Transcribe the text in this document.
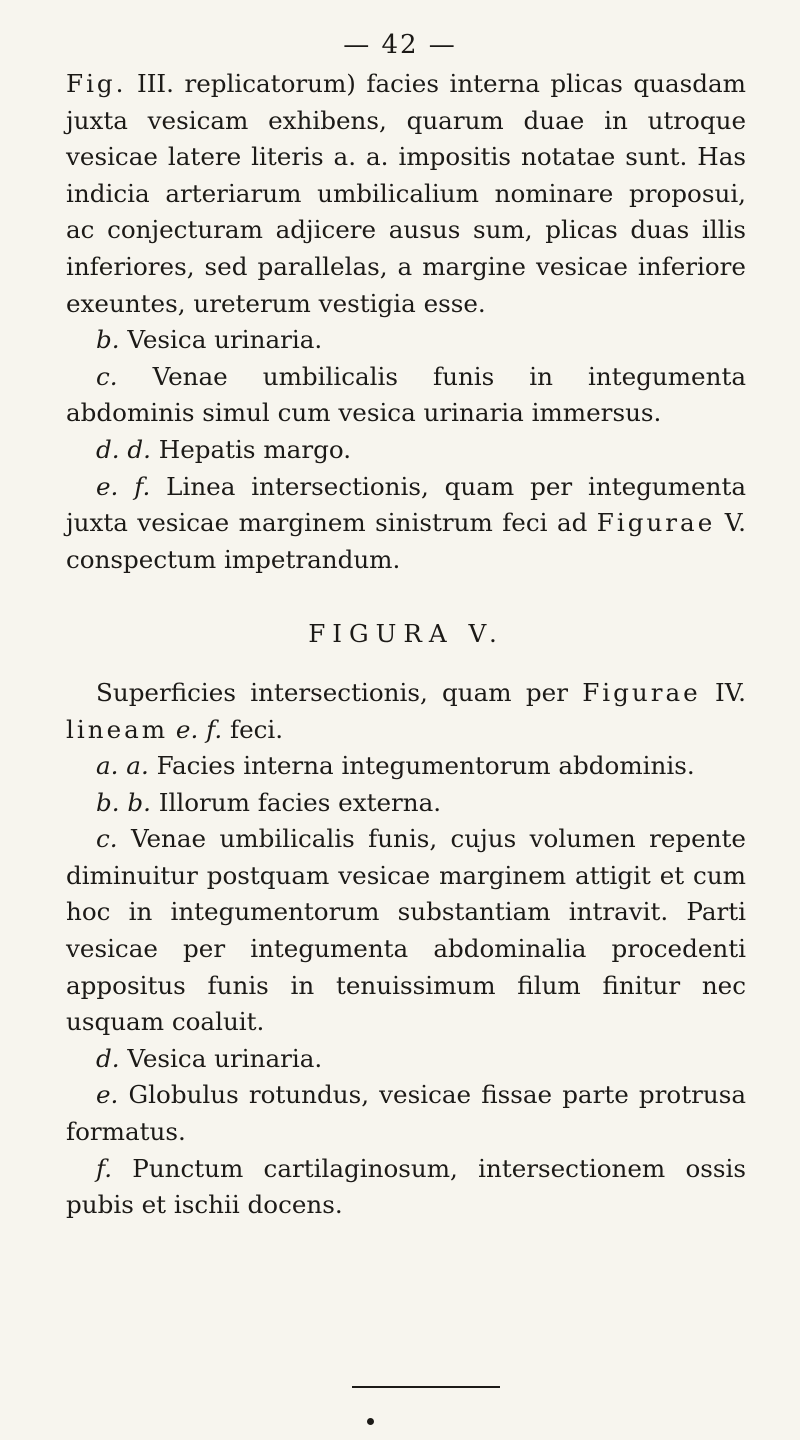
— 42 —

Fig. III. replicatorum) facies interna plicas quasdam juxta vesicam exhibens, quarum duae in utroque vesicae latere literis a. a. impositis notatae sunt. Has indicia arteriarum umbilicalium nominare proposui, ac conjecturam adjicere ausus sum, plicas duas illis inferiores, sed parallelas, a margine vesicae inferiore exeuntes, ureterum vestigia esse.

b. Vesica urinaria.

c. Venae umbilicalis funis in integumenta abdominis simul cum vesica urinaria immersus.

d. d. Hepatis margo.

e. f. Linea intersectionis, quam per integumenta juxta vesicae marginem sinistrum feci ad Figurae V. conspectum impetrandum.

FIGURA V.

Superficies intersectionis, quam per Figurae IV. lineam e. f. feci.

a. a. Facies interna integumentorum abdominis.

b. b. Illorum facies externa.

c. Venae umbilicalis funis, cujus volumen repente diminuitur postquam vesicae marginem attigit et cum hoc in integumentorum substantiam intravit. Parti vesicae per integumenta abdominalia procedenti appositus funis in tenuissimum filum finitur nec usquam coaluit.

d. Vesica urinaria.

e. Globulus rotundus, vesicae fissae parte protrusa formatus.

f. Punctum cartilaginosum, intersectionem ossis pubis et ischii docens.
